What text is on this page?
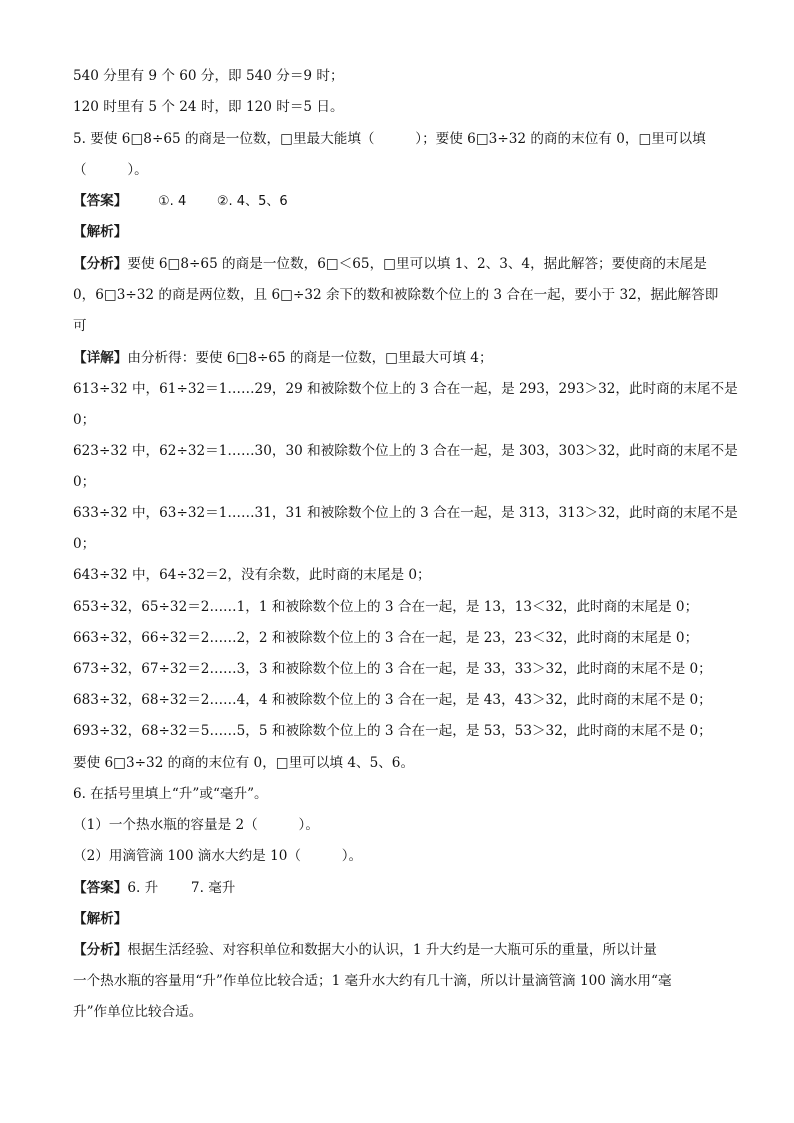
540 分里有 9 个 60 分，即 540 分＝9 时；
120 时里有 5 个 24 时，即 120 时＝5 日。
5. 要使 6□8÷65 的商是一位数，□里最大能填（　　　）；要使 6□3÷32 的商的末位有 0，□里可以填
（　　　）。
【答案】 ①. 4 ②. 4、5、6
【解析】
【分析】要使 6□8÷65 的商是一位数，6□＜65，□里可以填 1、2、3、4，据此解答；要使商的末尾是
0，6□3÷32 的商是两位数，且 6□÷32 余下的数和被除数个位上的 3 合在一起，要小于 32，据此解答即
可
【详解】由分析得：要使 6□8÷65 的商是一位数，□里最大可填 4；
613÷32 中，61÷32＝1……29，29 和被除数个位上的 3 合在一起，是 293，293＞32，此时商的末尾不是
0；
623÷32 中，62÷32＝1……30，30 和被除数个位上的 3 合在一起，是 303，303＞32，此时商的末尾不是
0；
633÷32 中，63÷32＝1……31，31 和被除数个位上的 3 合在一起，是 313，313＞32，此时商的末尾不是
0；
643÷32 中，64÷32＝2，没有余数，此时商的末尾是 0；
653÷32，65÷32＝2……1，1 和被除数个位上的 3 合在一起，是 13，13＜32，此时商的末尾是 0；
663÷32，66÷32＝2……2，2 和被除数个位上的 3 合在一起，是 23，23＜32，此时商的末尾是 0；
673÷32，67÷32＝2……3，3 和被除数个位上的 3 合在一起，是 33，33＞32，此时商的末尾不是 0；
683÷32，68÷32＝2……4，4 和被除数个位上的 3 合在一起，是 43，43＞32，此时商的末尾不是 0；
693÷32，68÷32＝5……5，5 和被除数个位上的 3 合在一起，是 53，53＞32，此时商的末尾不是 0；
要使 6□3÷32 的商的末位有 0，□里可以填 4、5、6。
6. 在括号里填上“升”或“毫升”。
（1）一个热水瓶的容量是 2（　　　）。
（2）用滴管滴 100 滴水大约是 10（　　　）。
【答案】6. 升 7. 毫升
【解析】
【分析】根据生活经验、对容积单位和数据大小的认识，1 升大约是一大瓶可乐的重量，所以计量
一个热水瓶的容量用“升”作单位比较合适；1 毫升水大约有几十滴，所以计量滴管滴 100 滴水用“毫
升”作单位比较合适。
